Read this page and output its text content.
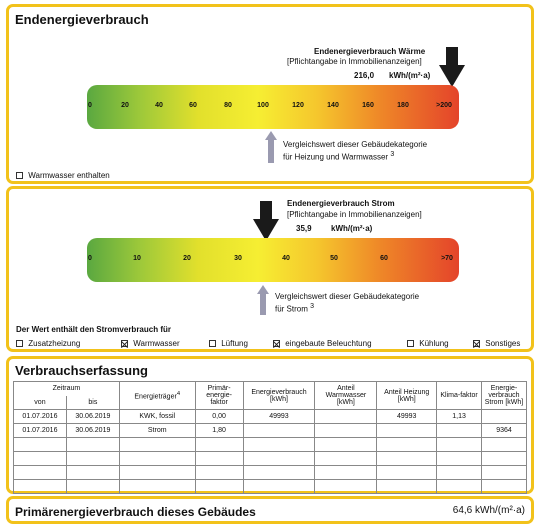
Endenergieverbrauch
Endenergieverbrauch Wärme
[Pflichtangabe in Immobilienanzeigen]
216,0 kWh/(m²·a)
0	20	40	60	80	100	120	140	160	180	>200
Vergleichswert dieser Gebäudekategorie
für Heizung und Warmwasser $^3$
Warmwasser enthalten
Endenergieverbrauch Strom
[Pflichtangabe in Immobilienanzeigen]
35,9 kWh/(m²·a)
0	10	20	30	40	50	60	>70
Vergleichswert dieser Gebäudekategorie
für Strom $^3$
Der Wert enthält den Stromverbrauch für
Zusatzheizung	Warmwasser	Lüftung	eingebaute Beleuchtung	Kühlung	Sonstiges
Verbrauchserfassung
Zeitraum		Energieträger$^4$	Primär-energie-faktor	Energieverbrauch [kWh]	Anteil Warmwasser [kWh]	Anteil Heizung [kWh]	Klima-faktor	Energie-verbrauch Strom [kWh]
von	bis							
01.07.2016	30.06.2019	KWK, fossil	0,00	49993		49993	1,13	
01.07.2016	30.06.2019	Strom	1,80					9364

Primärenergieverbrauch dieses Gebäudes	64,6 kWh/(m²·a)
